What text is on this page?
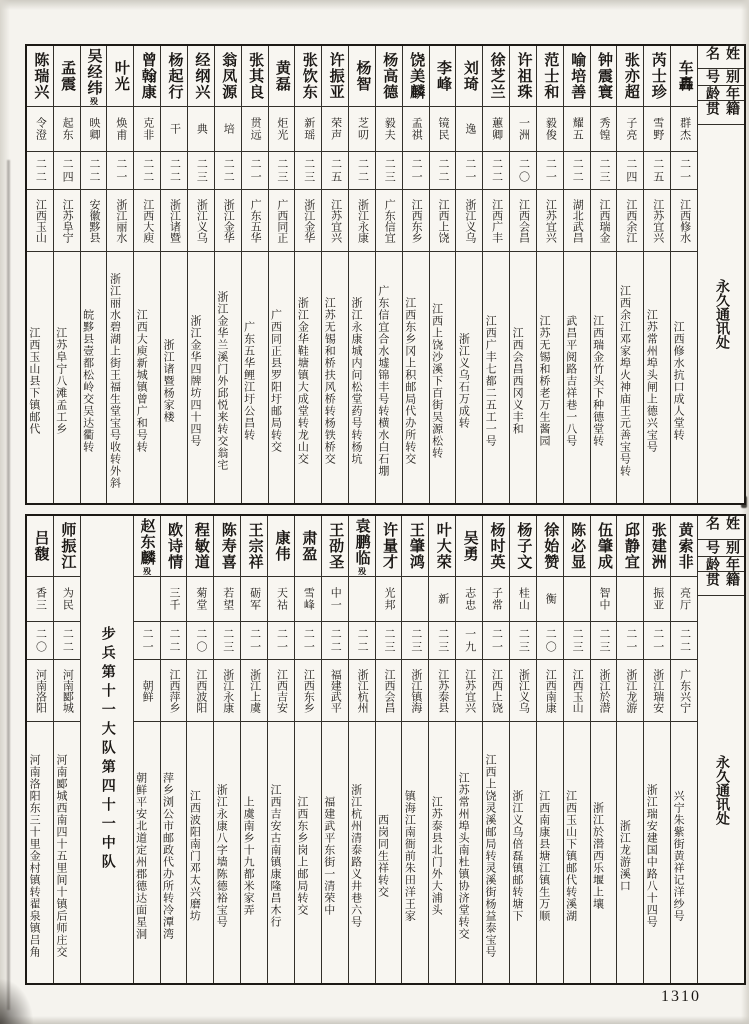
姓名
别号
年龄
籍贯
永久通讯处
车轟
群杰
二一
江西修水
江西修水抗口成人堂转
芮士珍
雪野
二五
江苏宜兴
江苏常州埠头闸上德兴宝号
张亦超
子亮
二四
江西余江
江西余江邓家埠火神庙王元善宝号转
钟震寰
秀锽
二三
江西瑞金
江西瑞金竹头下种德堂转
喻培善
耀五
二二
湖北武昌
武昌平阅路吉祥巷一八号
范士和
毅俊
二一
江苏宜兴
江苏无锡和桥老万生酱园
许祖珠
一洲
二〇
江西会昌
江西会昌西冈义丰和
徐芝兰
蕙卿
二二
江西广丰
江西广丰七都二五工一号
刘琦
逸
二一
浙江义乌
浙江义乌石万成转
李峰
镜民
二二
江西上饶
江西上饶沙溪下百街吴源松转
饶美麟
孟祺
二一
江西东乡
江西东乡冈上积邮局代办所转交
杨高德
毅夫
二三
广东信宜
广东信宜合水墟锦丰号转横水白石堋
杨智
芝叨
二二
浙江永康
浙江永康城内问松堂药号转杨坑
许振亚
荣声
二五
江苏宜兴
江苏无锡和桥扶风桥转杨铁桥交
张饮东
新瑶
二三
浙江金华
浙江金华鞋塘镇大成堂转龙山交
黄磊
炬光
二三
广西同正
广西同正县罗阳圩邮局转交
张其良
贯远
二一
广东五华
广东五华鲤江圩公昌转
翁凤源
培
二二
浙江金华
浙江金华兰溪门外邱悦来转交翁宅
经纲兴
典
二三
浙江义乌
浙江金华四牌坊四十四号
杨起行
干
二二
浙江诸暨
浙江诸暨杨家楼
曾翰康
克非
二二
江西大庾
江西大庾新城镇曾广和号转
叶光
焕甫
二一
浙江丽水
浙江丽水碧湖上街王福生堂宝号收转外斜
吴经纬殁
映卿
二二
安徽黟县
皖黟县壹都松岭交吴达衢转
孟震
起东
二四
江苏阜宁
江苏阜宁八滩孟工乡
陈瑞兴
令澄
二二
江西玉山
江西玉山县下镇邮代
姓名
别号
年龄
籍贯
永久通讯处
黄索非
亮厅
二二
广东兴宁
兴宁朱紫街黄祥记洋纱号
张建洲
振亚
二一
浙江瑞安
浙江瑞安建国中路八十四号
邱静宜
二一
浙江龙游
浙江龙游溪口
伍肇成
智中
二三
浙江於潜
浙江於潜西乐堰上壤
陈必显
二三
江西玉山
江西玉山下镇邮代转溪湖
徐始赞
衡
二〇
江西南康
江西南康县塘江镇生万顺
杨子文
桂山
二三
浙江义乌
浙江义乌倍磊镇邮转塘下
杨时英
子常
二一
江西上饶
江西上饶灵溪邮局转灵溪街杨益泰宝号
吴勇
志忠
一九
江苏宜兴
江苏常州埠头南杜镇协济堂转交
叶大荣
新
二三
江苏泰县
江苏泰县北门外大浦头
王肇鸿
二三
浙江镇海
镇海江南衙前朱田洋王家
许量才
光邦
二三
江西会昌
西岗同生祥转交
袁鹏临殁
二二
浙江杭州
浙江杭州清泰路义井巷六号
王劭圣
中一
二二
福建武平
福建武平东街一清荣中
肃盈
雪峰
二一
江西东乡
江西东乡岗上邮局转交
康伟
天祜
二一
江西吉安
江西吉安古南镇康隆昌木行
王宗祥
砺军
二一
浙江上虞
上虞南乡十九都米家弄
陈寿喜
若望
二三
浙江永康
浙江永康八字墙陈德裕宝号
程敏道
菊堂
二〇
江西波阳
江西波阳南门邓太兴磨坊
欧诗情
三千
二二
江西萍乡
萍乡浏公市邮政代办所转冷潭湾
赵东麟殁
二一
朝鲜
朝鲜平安北道定州郡德达面星洞
步兵第十一大队第四十一中队
师振江
为民
二二
河南郾城
河南郾城西南四十五里间十镇后师庄交
吕馥
香三
二〇
河南洛阳
河南洛阳东三十里金村镇转翟泉镇吕角
1310
